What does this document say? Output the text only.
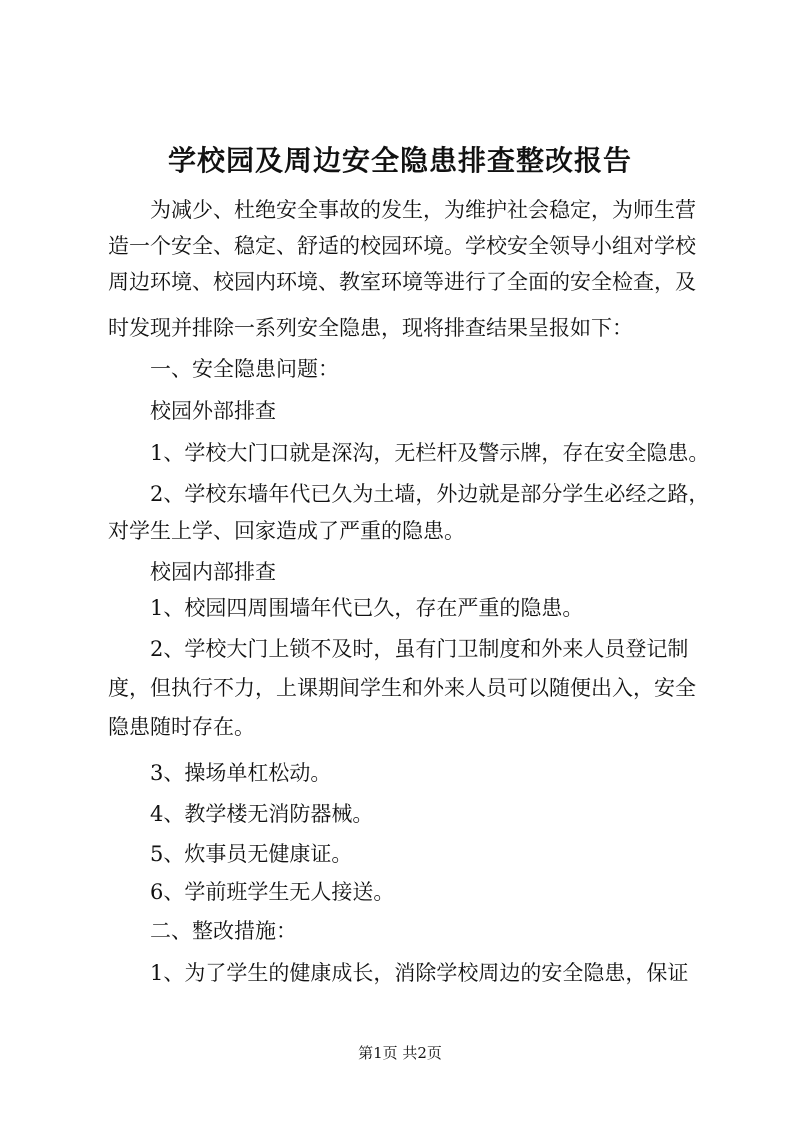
学校园及周边安全隐患排查整改报告
为减少、杜绝安全事故的发生，为维护社会稳定，为师生营
造一个安全、稳定、舒适的校园环境。学校安全领导小组对学校
周边环境、校园内环境、教室环境等进行了全面的安全检查，及
时发现并排除一系列安全隐患，现将排查结果呈报如下：
一、安全隐患问题：
校园外部排查
1、学校大门口就是深沟，无栏杆及警示牌，存在安全隐患。
2、学校东墙年代已久为土墙，外边就是部分学生必经之路，
对学生上学、回家造成了严重的隐患。
校园内部排查
1、校园四周围墙年代已久，存在严重的隐患。
2、学校大门上锁不及时，虽有门卫制度和外来人员登记制
度，但执行不力，上课期间学生和外来人员可以随便出入，安全
隐患随时存在。
3、操场单杠松动。
4、教学楼无消防器械。
5、炊事员无健康证。
6、学前班学生无人接送。
二、整改措施：
1、为了学生的健康成长，消除学校周边的安全隐患，保证
第1页 共2页
